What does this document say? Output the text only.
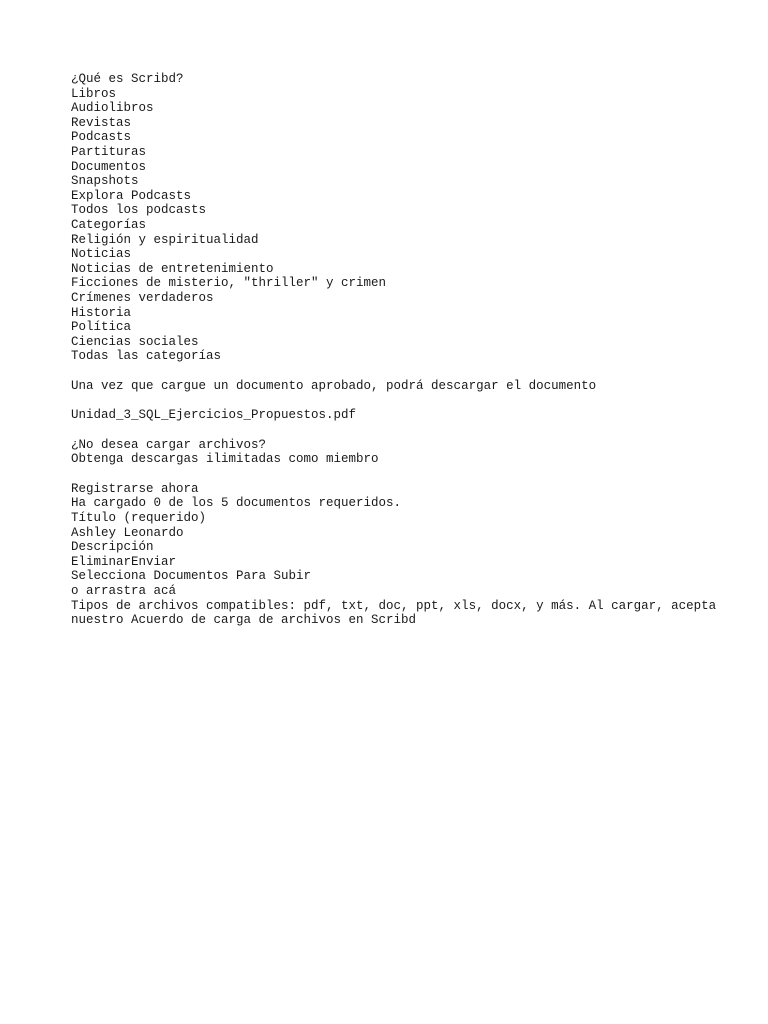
¿Qué es Scribd?
Libros
Audiolibros
Revistas
Podcasts
Partituras
Documentos
Snapshots
Explora Podcasts
Todos los podcasts
Categorías
Religión y espiritualidad
Noticias
Noticias de entretenimiento
Ficciones de misterio, "thriller" y crimen
Crímenes verdaderos
Historia
Política
Ciencias sociales
Todas las categorías

Una vez que cargue un documento aprobado, podrá descargar el documento

Unidad_3_SQL_Ejercicios_Propuestos.pdf

¿No desea cargar archivos?

Obtenga descargas ilimitadas como miembro

Registrarse ahora

Ha cargado 0 de los 5 documentos requeridos.

Título (requerido)

Ashley Leonardo

Descripción

EliminarEnviar

Selecciona Documentos Para Subir

o arrastra acá

Tipos de archivos compatibles: pdf, txt, doc, ppt, xls, docx, y más. Al cargar, acepta nuestro Acuerdo de carga de archivos en Scribd
